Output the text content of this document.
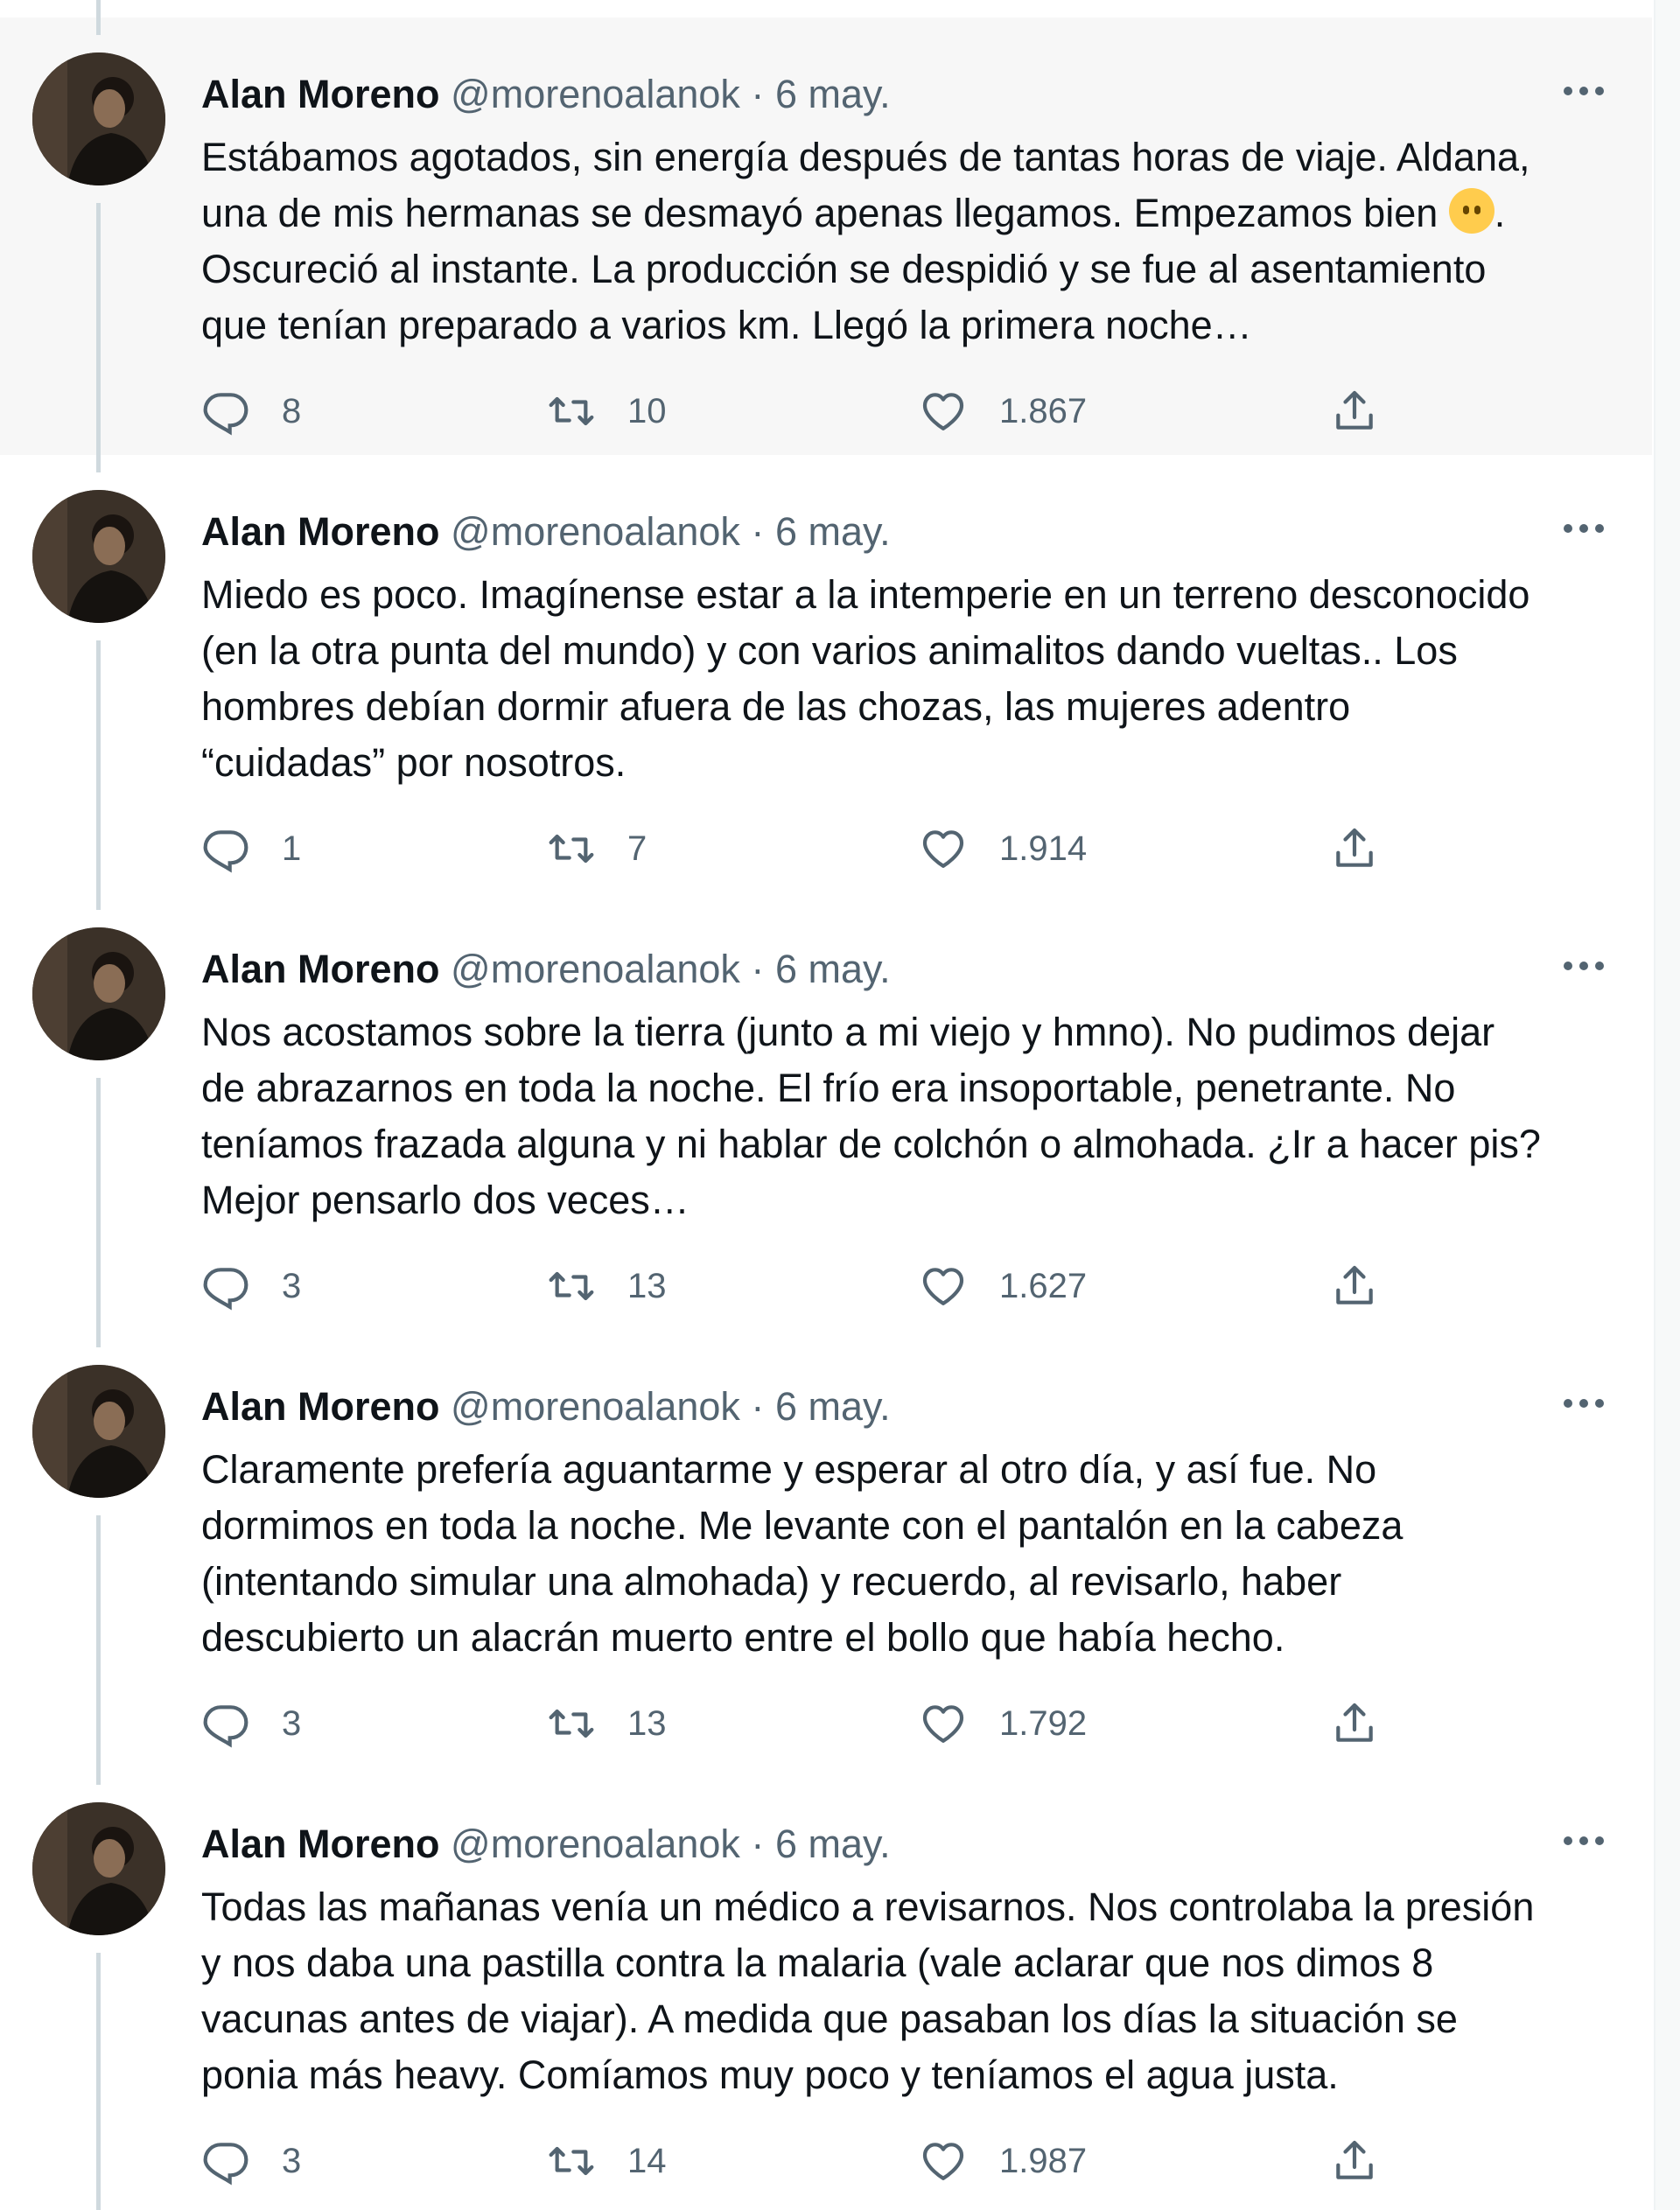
Alan Moreno @morenoalanok · 6 may.
Estábamos agotados, sin energía después de tantas horas de viaje. Aldana,
una de mis hermanas se desmayó apenas llegamos. Empezamos bien .
Oscureció al instante. La producción se despidió y se fue al asentamiento
que tenían preparado a varios km. Llegó la primera noche…
8	10	1.867
Alan Moreno @morenoalanok · 6 may.
Miedo es poco. Imagínense estar a la intemperie en un terreno desconocido
(en la otra punta del mundo) y con varios animalitos dando vueltas.. Los
hombres debían dormir afuera de las chozas, las mujeres adentro
“cuidadas” por nosotros.
1	7	1.914
Alan Moreno @morenoalanok · 6 may.
Nos acostamos sobre la tierra (junto a mi viejo y hmno). No pudimos dejar
de abrazarnos en toda la noche. El frío era insoportable, penetrante. No
teníamos frazada alguna y ni hablar de colchón o almohada. ¿Ir a hacer pis?
Mejor pensarlo dos veces…
3	13	1.627
Alan Moreno @morenoalanok · 6 may.
Claramente prefería aguantarme y esperar al otro día, y así fue. No
dormimos en toda la noche. Me levante con el pantalón en la cabeza
(intentando simular una almohada) y recuerdo, al revisarlo, haber
descubierto un alacrán muerto entre el bollo que había hecho.
3	13	1.792
Alan Moreno @morenoalanok · 6 may.
Todas las mañanas venía un médico a revisarnos. Nos controlaba la presión
y nos daba una pastilla contra la malaria (vale aclarar que nos dimos 8
vacunas antes de viajar). A medida que pasaban los días la situación se
ponia más heavy. Comíamos muy poco y teníamos el agua justa.
3	14	1.987
